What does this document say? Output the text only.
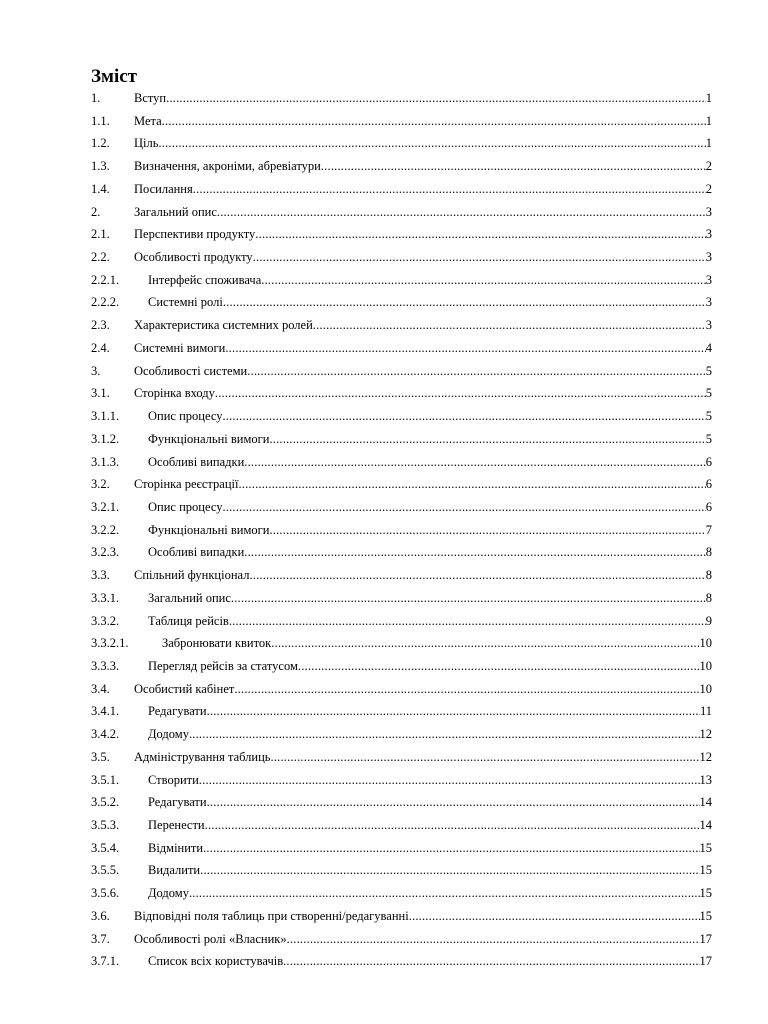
Зміст
1.	Вступ .....	1
1.1.	Мета .....	1
1.2.	Ціль .....	1
1.3.	Визначення, акроніми, абревіатури .....	2
1.4.	Посилання .....	2
2.	Загальний опис .....	3
2.1.	Перспективи продукту .....	3
2.2.	Особливості продукту .....	3
2.2.1.	Інтерфейс споживача .....	3
2.2.2.	Системні ролі .....	3
2.3.	Характеристика системних ролей .....	3
2.4.	Системні вимоги .....	4
3.	Особливості системи .....	5
3.1.	Сторінка входу .....	5
3.1.1.	Опис процесу .....	5
3.1.2.	Функціональні вимоги .....	5
3.1.3.	Особливі випадки .....	6
3.2.	Сторінка реєстрації .....	6
3.2.1.	Опис процесу .....	6
3.2.2.	Функціональні вимоги .....	7
3.2.3.	Особливі випадки .....	8
3.3.	Спільний функціонал .....	8
3.3.1.	Загальний опис .....	8
3.3.2.	Таблиця рейсів .....	9
3.3.2.1.	Забронювати квиток .....	10
3.3.3.	Перегляд рейсів за статусом .....	10
3.4.	Особистий кабінет .....	10
3.4.1.	Редагувати .....	11
3.4.2.	Додому .....	12
3.5.	Адміністрування таблиць .....	12
3.5.1.	Створити .....	13
3.5.2.	Редагувати .....	14
3.5.3.	Перенести .....	14
3.5.4.	Відмінити .....	15
3.5.5.	Видалити .....	15
3.5.6.	Додому .....	15
3.6.	Відповідні поля таблиць при створенні/редагуванні .....	15
3.7.	Особливості ролі «Власник» .....	17
3.7.1.	Список всіх користувачів .....	17
